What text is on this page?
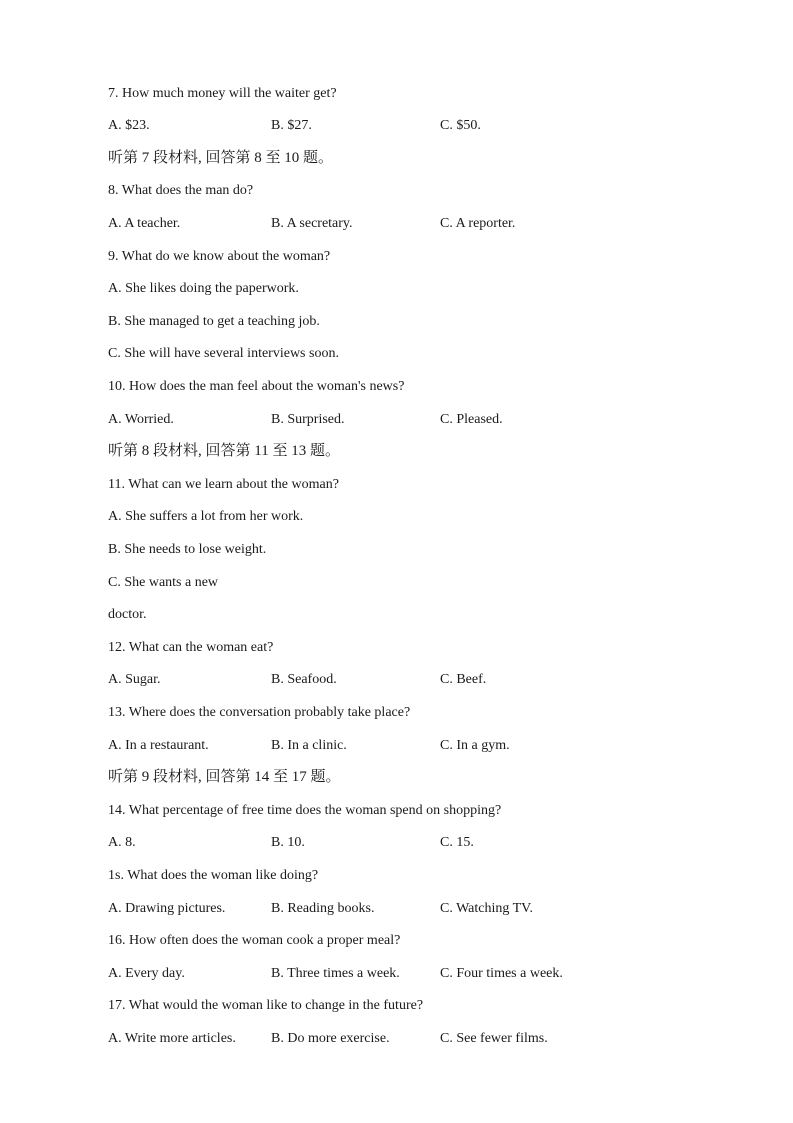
7. How much money will the waiter get?
A. $23.	B. $27.	C. $50.
听第 7 段材料, 回答第 8 至 10 题。
8. What does the man do?
A. A teacher.	B. A secretary.	C. A reporter.
9. What do we know about the woman?
A. She likes doing the paperwork.
B. She managed to get a teaching job.
C. She will have several interviews soon.
10. How does the man feel about the woman's news?
A. Worried.	B. Surprised.	C. Pleased.
听第 8 段材料, 回答第 11 至 13 题。
11. What can we learn about the woman?
A. She suffers a lot from her work.
B. She needs to lose weight.
C. She wants a new
doctor.
12. What can the woman eat?
A. Sugar.	B. Seafood.	C. Beef.
13. Where does the conversation probably take place?
A. In a restaurant.	B. In a clinic.	C. In a gym.
听第 9 段材料, 回答第 14 至 17 题。
14. What percentage of free time does the woman spend on shopping?
A. 8.	B. 10.	C. 15.
1s. What does the woman like doing?
A. Drawing pictures.	B. Reading books.	C. Watching TV.
16. How often does the woman cook a proper meal?
A. Every day.	B. Three times a week.	C. Four times a week.
17. What would the woman like to change in the future?
A. Write more articles.	B. Do more exercise.	C. See fewer films.
